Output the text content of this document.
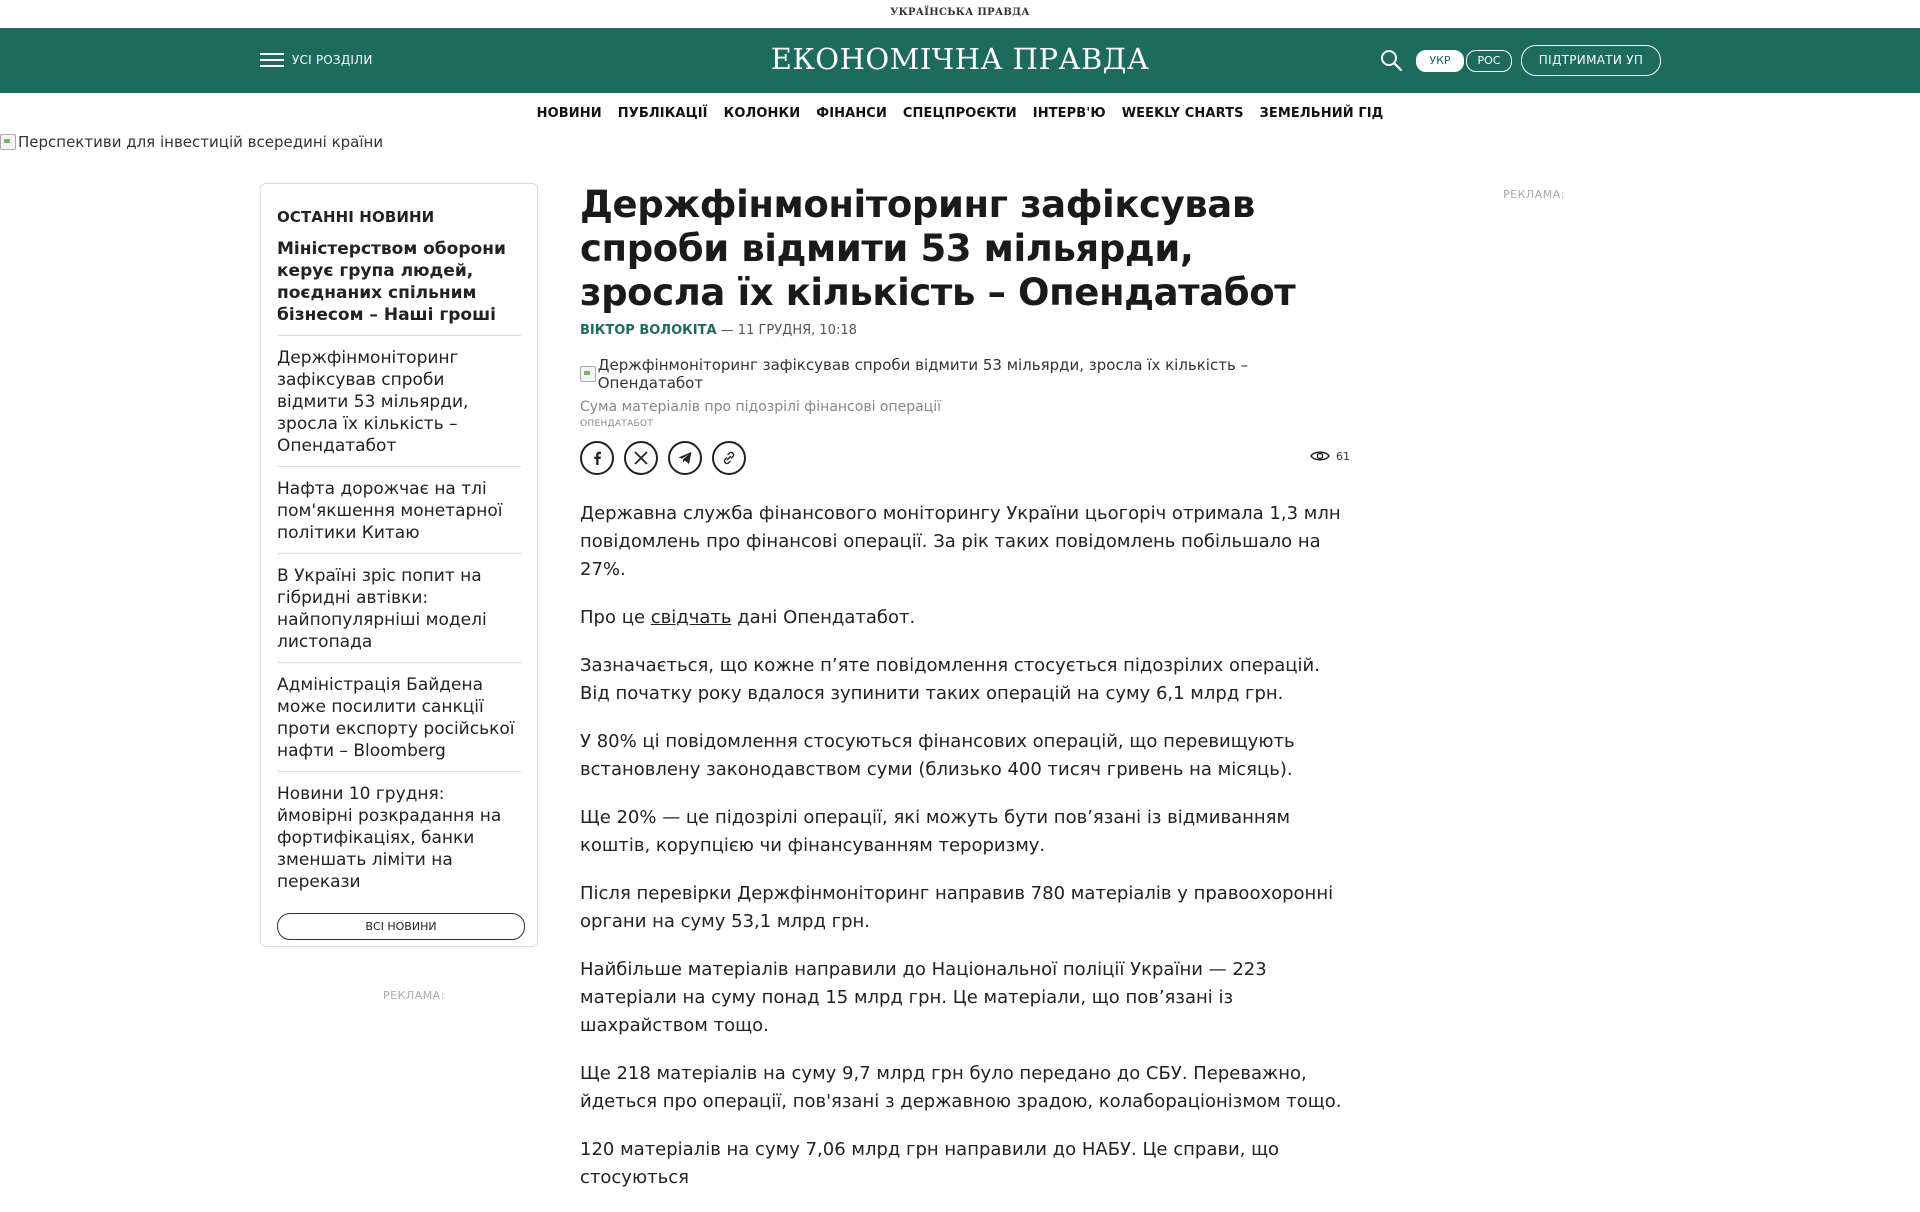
УКРАЇНСЬКА ПРАВДА
УСІ РОЗДІЛИ	ЕКОНОМІЧНА ПРАВДА	УКР	РОС	ПІДТРИМАТИ УП
НОВИНИ ПУБЛІКАЦІЇ КОЛОНКИ ФІНАНСИ СПЕЦПРОЄКТИ ІНТЕРВ'Ю WEEKLY CHARTS ЗЕМЕЛЬНИЙ ГІД
Перспективи для інвестицій всередині країни
ОСТАННІ НОВИНИ
Міністерством оборони керує група людей, поєднаних спільним бізнесом – Наші гроші
Держфінмоніторинг зафіксував спроби відмити 53 мільярди, зросла їх кількість – Опендатабот
Нафта дорожчає на тлі пом'якшення монетарної політики Китаю
В Україні зріс попит на гібридні автівки: найпопулярніші моделі листопада
Адміністрація Байдена може посилити санкції проти експорту російської нафти – Bloomberg
Новини 10 грудня: ймовірні розкрадання на фортифікаціях, банки зменшать ліміти на перекази
ВСІ НОВИНИ
РЕКЛАМА:
РЕКЛАМА:
Держфінмоніторинг зафіксував спроби відмити 53 мільярди, зросла їх кількість – Опендатабот
ВІКТОР ВОЛОКІТА — 11 ГРУДНЯ, 10:18
Держфінмоніторинг зафіксував спроби відмити 53 мільярди, зросла їх кількість – Опендатабот
Сума матеріалів про підозрілі фінансові операції
ОПЕНДАТАБОТ
61

Державна служба фінансового моніторингу України цьогоріч отримала 1,3 млн повідомлень про фінансові операції. За рік таких повідомлень побільшало на 27%.

Про це свідчать дані Опендатабот.

Зазначається, що кожне п’яте повідомлення стосується підозрілих операцій. Від початку року вдалося зупинити таких операцій на суму 6,1 млрд грн.

У 80% ці повідомлення стосуються фінансових операцій, що перевищують встановлену законодавством суми (близько 400 тисяч гривень на місяць).

Ще 20% — це підозрілі операції, які можуть бути пов’язані із відмиванням коштів, корупцією чи фінансуванням тероризму.

Після перевірки Держфінмоніторинг направив 780 матеріалів у правоохоронні органи на суму 53,1 млрд грн.

Найбільше матеріалів направили до Національної поліції України — 223 матеріали на суму понад 15 млрд грн. Це матеріали, що пов’язані із шахрайством тощо.

Ще 218 матеріалів на суму 9,7 млрд грн було передано до СБУ. Переважно, йдеться про операції, пов'язані з державною зрадою, колабораціонізмом тощо.

120 матеріалів на суму 7,06 млрд грн направили до НАБУ. Це справи, що стосуються
